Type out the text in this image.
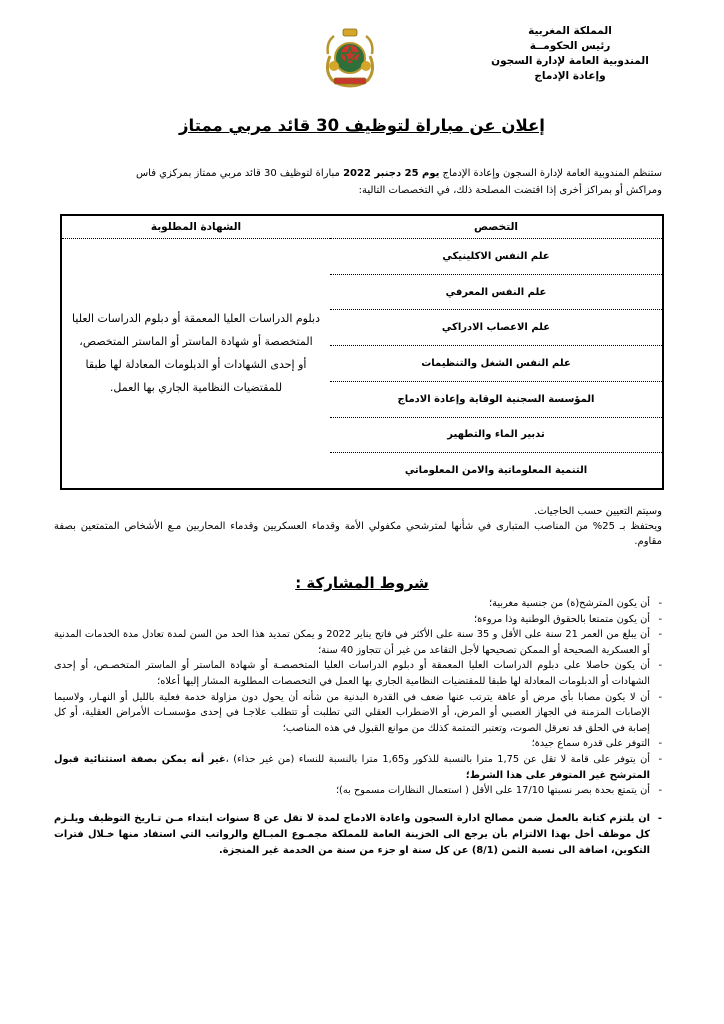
المملكة المغربية
رئيس الحكومــة
المندوبية العامة لإدارة السجون
وإعادة الإدماج
إعلان عن مباراة لتوظيف 30 قائد مربي ممتاز

ستنظم المندوبية العامة لإدارة السجون وإعادة الإدماج يوم 25 دجنبر 2022 مباراة لتوظيف 30 قائد مربي ممتاز بمركزي فاس

ومراكش أو بمراكز أخرى إذا اقتضت المصلحة ذلك، في التخصصات التالية:

التخصص	الشهادة المطلوبة
علم النفس الاكلينيكي	دبلوم الدراسات العليا المعمقة أو دبلوم الدراسات العليا
المتخصصة أو شهادة الماستر أو الماستر المتخصص،
أو إحدى الشهادات أو الدبلومات المعادلة لها طبقا
للمقتضيات النظامية الجاري بها العمل.

علم النفس المعرفي	
علم الاعصاب الادراكي	
علم النفس الشغل والتنظيمات	
المؤسسة السجنية الوقاية وإعادة الادماج	
تدبير الماء والتطهير	
التنمية المعلوماتية والامن المعلوماتي	
وسيتم التعيين حسب الحاجيات.
ويحتفظ بـ 25% من المناصب المتبارى في شأنها لمترشحي مكفولي الأمة وقدماء العسكريين وقدماء المحاربين مـع الأشخاص المتمتعين بصفة مقاوم.
شروط المشاركة :
- أن يكون المترشح(ة) من جنسية مغربية؛
- أن يكون متمتعا بالحقوق الوطنية وذا مروءة؛
- أن يبلغ من العمر 21 سنة على الأقل و 35 سنة على الأكثر في فاتح يناير 2022 و يمكن تمديد هذا الحد من السن لمدة تعادل مدة الخدمات المدنية أو العسكرية الصحيحة أو الممكن تصحيحها لأجل التقاعد من غير أن تتجاوز 40 سنة؛
- أن يكون حاصلا على دبلوم الدراسات العليا المعمقة أو دبلوم الدراسات العليا المتخصصـة أو شهادة الماستر أو الماستر المتخصـص، أو إحدى الشهادات أو الدبلومات المعادلة لها طبقا للمقتضيات النظامية الجاري بها العمل في التخصصات المطلوبة المشار إليها أعلاه؛
- أن لا يكون مصابا بأي مرض أو عاهة يترتب عنها ضعف في القدرة البدنية من شأنه أن يحول دون مزاولة خدمة فعلية بالليل أو النهـار، ولاسيما الإصابات المزمنة في الجهاز العصبي أو المرض، أو الاضطراب العقلي التي تطلبت أو تتطلب علاجـا في إحدى مؤسسـات الأمراض العقلية، أو كل إصابة في الحلق قد تعرقل الصوت، وتعتبر التمتمة كذلك من موانع القبول في هذه المناصب؛
- التوفر على قدرة سماع جيدة؛
- أن يتوفر على قامة لا تقل عن 1,75 مترا بالنسبة للذكور و1,65 مترا بالنسبة للنساء (من غير حذاء) ،غير أنه يمكن بصفة استثنائية قبول المترشح غير المتوفر على هذا الشرط؛
- أن يتمتع بحدة بصر نسبتها 17/10 على الأقل ( استعمال النظارات مسموح به)؛
- ان يلتزم كتابة بالعمل ضمن مصالح ادارة السجون واعادة الادماج لمدة لا تقل عن 8 سنوات ابتداء مـن تـاريخ التوظيف ويلـزم كل موظف أخل بهذا الالتزام بأن يرجع الى الخزينة العامة للمملكة مجمـوع المبـالغ والرواتب التي استفاد منها خـلال فترات التكوين، اضافة الى نسبة الثمن (8/1) عن كل سنة او جزء من سنة من الخدمة غير المنجزة.
